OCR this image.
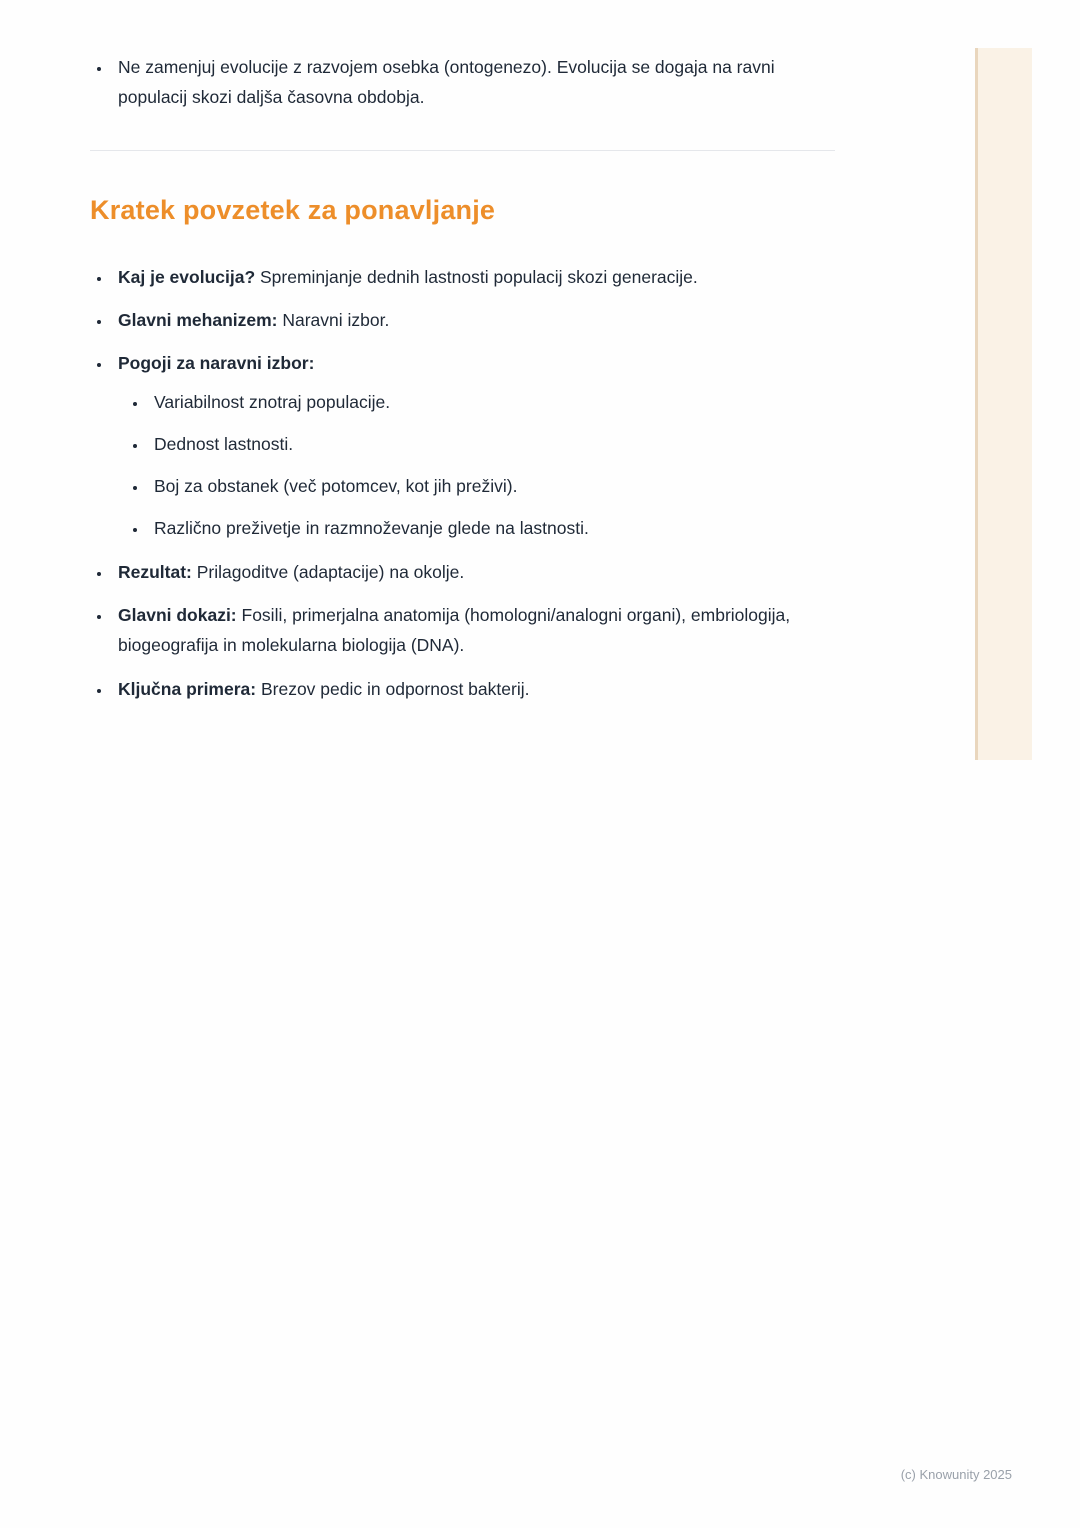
• Ne zamenjuj evolucije z razvojem osebka (ontogenezo). Evolucija se dogaja na ravni populacij skozi daljša časovna obdobja.
Kratek povzetek za ponavljanje
• Kaj je evolucija? Spreminjanje dednih lastnosti populacij skozi generacije.
• Glavni mehanizem: Naravni izbor.
• Pogoji za naravni izbor:
• Variabilnost znotraj populacije.
• Dednost lastnosti.
• Boj za obstanek (več potomcev, kot jih preživi).
• Različno preživetje in razmnoževanje glede na lastnosti.
• Rezultat: Prilagoditve (adaptacije) na okolje.
• Glavni dokazi: Fosili, primerjalna anatomija (homologni/analogni organi), embriologija, biogeografija in molekularna biologija (DNA).
• Ključna primera: Brezov pedic in odpornost bakterij.
(c) Knowunity 2025
